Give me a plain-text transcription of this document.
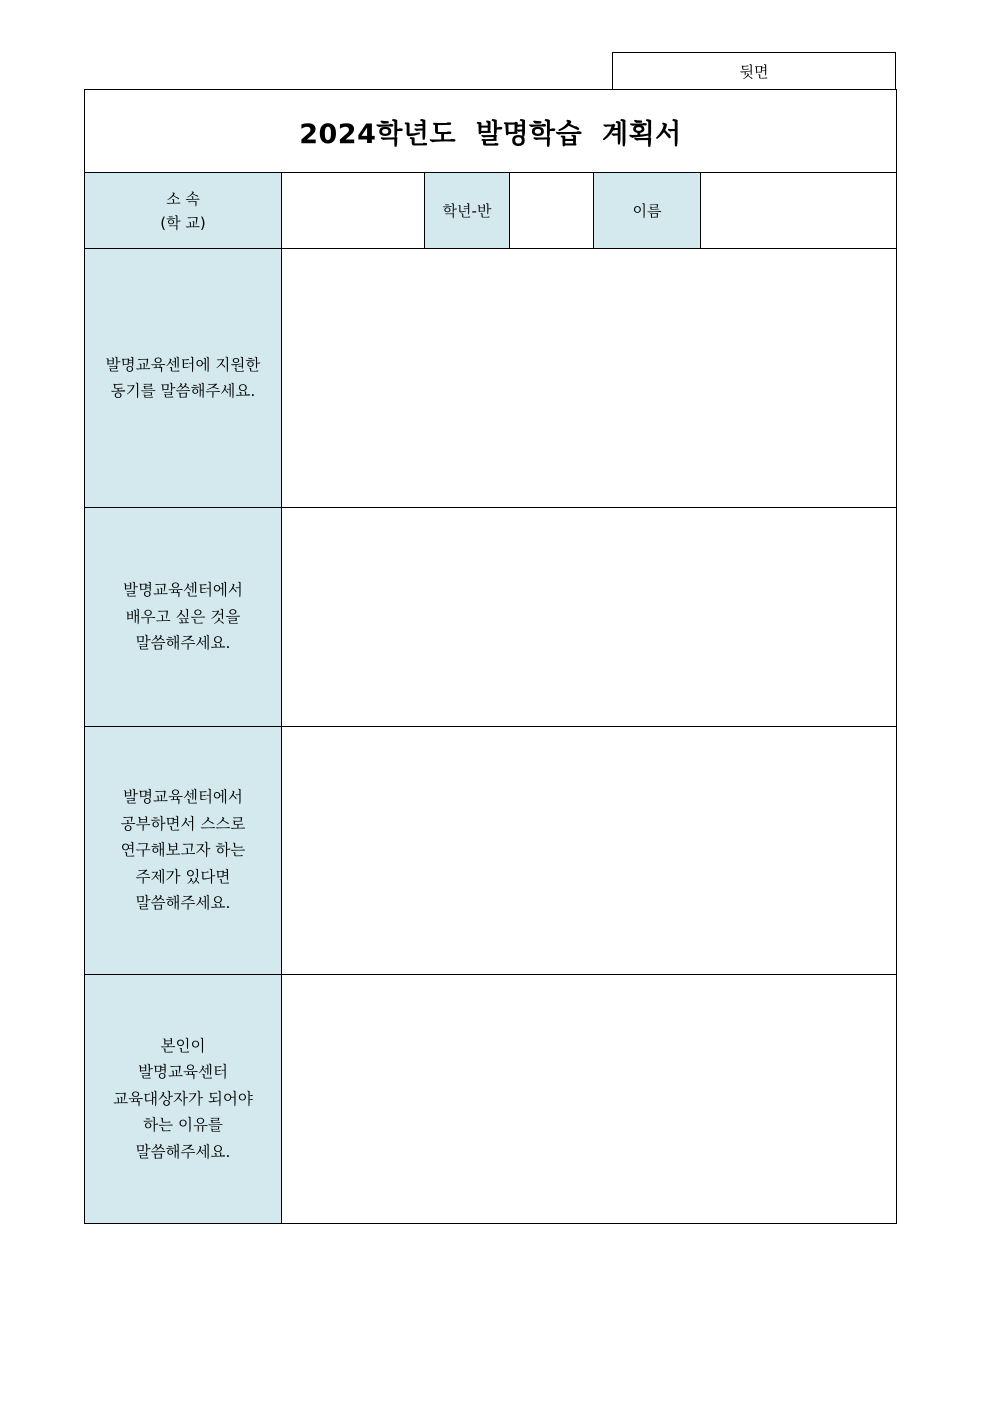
뒷면
2024학년도  발명학습  계획서
소 속
(학 교)
학년-반	이름
발명교육센터에 지원한
동기를 말씀해주세요.
발명교육센터에서
배우고 싶은 것을
말씀해주세요.
발명교육센터에서
공부하면서 스스로
연구해보고자 하는
주제가 있다면
말씀해주세요.
본인이
발명교육센터
교육대상자가 되어야
하는 이유를
말씀해주세요.
